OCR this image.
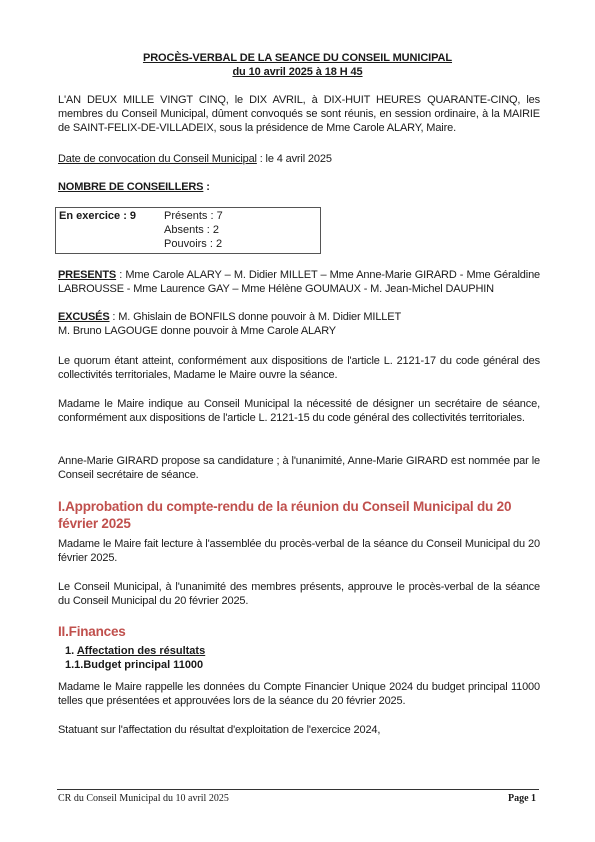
PROCÈS-VERBAL DE LA SEANCE DU CONSEIL MUNICIPAL
du 10 avril 2025 à 18 H 45
L'AN DEUX MILLE VINGT CINQ, le DIX AVRIL, à DIX-HUIT HEURES QUARANTE-CINQ, les membres du Conseil Municipal, dûment convoqués se sont réunis, en session ordinaire, à la MAIRIE de SAINT-FELIX-DE-VILLADEIX, sous la présidence de Mme Carole ALARY, Maire.
Date de convocation du Conseil Municipal : le 4 avril 2025
NOMBRE DE CONSEILLERS :
En exercice : 9	Présents : 7
Absents : 2
Pouvoirs : 2
PRESENTS : Mme Carole ALARY – M. Didier MILLET – Mme Anne-Marie GIRARD - Mme Géraldine LABROUSSE - Mme Laurence GAY – Mme Hélène GOUMAUX - M. Jean-Michel DAUPHIN
EXCUSÉS : M. Ghislain de BONFILS donne pouvoir à M. Didier MILLET
M. Bruno LAGOUGE donne pouvoir à Mme Carole ALARY
Le quorum étant atteint, conformément aux dispositions de l'article L. 2121-17 du code général des collectivités territoriales, Madame le Maire ouvre la séance.
Madame le Maire indique au Conseil Municipal la nécessité de désigner un secrétaire de séance, conformément aux dispositions de l'article L. 2121-15 du code général des collectivités territoriales.
Anne-Marie GIRARD propose sa candidature ; à l'unanimité, Anne-Marie GIRARD est nommée par le Conseil secrétaire de séance.
I.Approbation du compte-rendu de la réunion du Conseil Municipal du 20 février 2025
Madame le Maire fait lecture à l'assemblée du procès-verbal de la séance du Conseil Municipal du 20 février 2025.
Le Conseil Municipal, à l'unanimité des membres présents, approuve le procès-verbal de la séance du Conseil Municipal du 20 février 2025.
II.Finances
1. Affectation des résultats
1.1.Budget principal 11000
Madame le Maire rappelle les données du Compte Financier Unique 2024 du budget principal 11000 telles que présentées et approuvées lors de la séance du 20 février 2025.
Statuant sur l'affectation du résultat d'exploitation de l'exercice 2024,
CR du Conseil Municipal du 10 avril 2025	Page 1
